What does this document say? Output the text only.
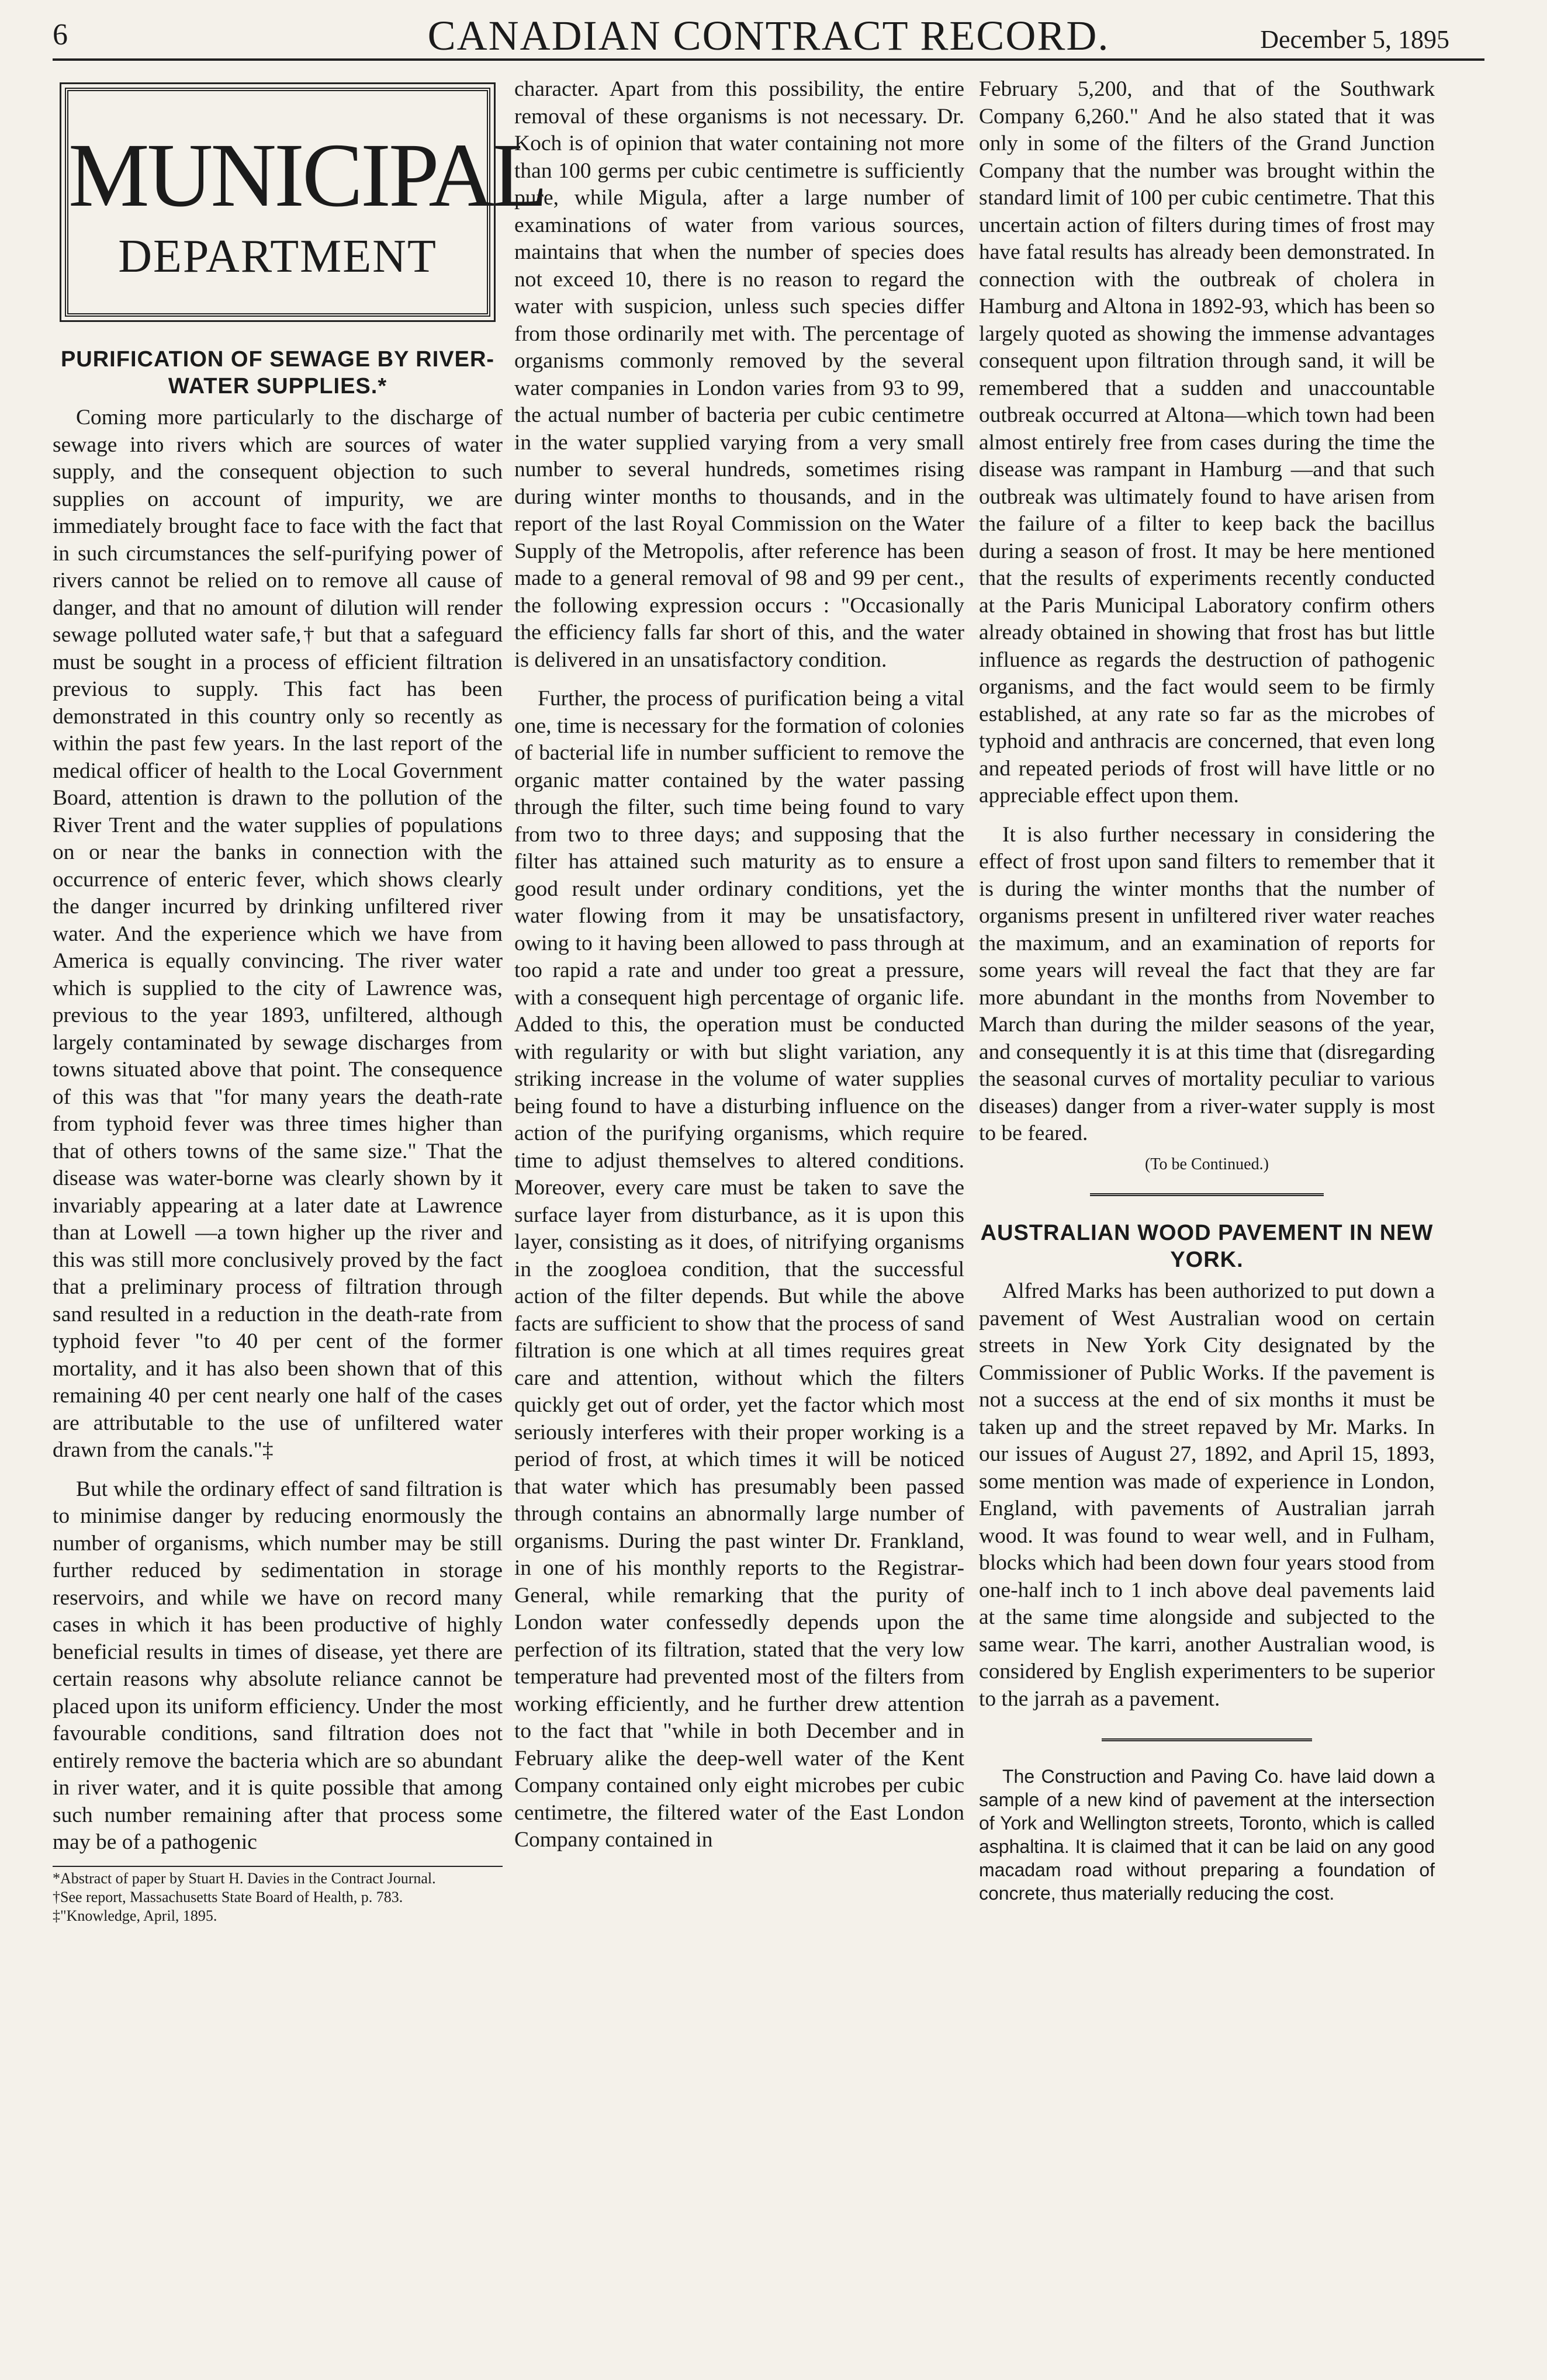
6	CANADIAN CONTRACT RECORD.	December 5, 1895
MUNICIPAL
DEPARTMENT
PURIFICATION OF SEWAGE BY RIVER-WATER SUPPLIES.*

Coming more particularly to the discharge of sewage into rivers which are sources of water supply, and the consequent objection to such supplies on account of impurity, we are immediately brought face to face with the fact that in such circumstances the self-purifying power of rivers cannot be relied on to remove all cause of danger, and that no amount of dilution will render sewage polluted water safe,† but that a safeguard must be sought in a process of efficient filtration previous to supply. This fact has been demonstrated in this country only so recently as within the past few years. In the last report of the medical officer of health to the Local Government Board, attention is drawn to the pollution of the River Trent and the water supplies of populations on or near the banks in connection with the occurrence of enteric fever, which shows clearly the danger incurred by drinking unfiltered river water. And the experience which we have from America is equally convincing. The river water which is supplied to the city of Lawrence was, previous to the year 1893, unfiltered, although largely contaminated by sewage discharges from towns situated above that point. The consequence of this was that "for many years the death-rate from typhoid fever was three times higher than that of others towns of the same size." That the disease was water-borne was clearly shown by it invariably appearing at a later date at Lawrence than at Lowell —a town higher up the river and this was still more conclusively proved by the fact that a preliminary process of filtration through sand resulted in a reduction in the death-rate from typhoid fever "to 40 per cent of the former mortality, and it has also been shown that of this remaining 40 per cent nearly one half of the cases are attributable to the use of unfiltered water drawn from the canals."‡

But while the ordinary effect of sand filtration is to minimise danger by reducing enormously the number of organisms, which number may be still further reduced by sedimentation in storage reservoirs, and while we have on record many cases in which it has been productive of highly beneficial results in times of disease, yet there are certain reasons why absolute reliance cannot be placed upon its uniform efficiency. Under the most favourable conditions, sand filtration does not entirely remove the bacteria which are so abundant in river water, and it is quite possible that among such number remaining after that process some may be of a pathogenic

*Abstract of paper by Stuart H. Davies in the Contract Journal.
†See report, Massachusetts State Board of Health, p. 783.
‡"Knowledge, April, 1895.

character. Apart from this possibility, the entire removal of these organisms is not necessary. Dr. Koch is of opinion that water containing not more than 100 germs per cubic centimetre is sufficiently pure, while Migula, after a large number of examinations of water from various sources, maintains that when the number of species does not exceed 10, there is no reason to regard the water with suspicion, unless such species differ from those ordinarily met with. The percentage of organisms commonly removed by the several water companies in London varies from 93 to 99, the actual number of bacteria per cubic centimetre in the water supplied varying from a very small number to several hundreds, sometimes rising during winter months to thousands, and in the report of the last Royal Commission on the Water Supply of the Metropolis, after reference has been made to a general removal of 98 and 99 per cent., the following expression occurs : "Occasionally the efficiency falls far short of this, and the water is delivered in an unsatisfactory condition.

Further, the process of purification being a vital one, time is necessary for the formation of colonies of bacterial life in number sufficient to remove the organic matter contained by the water passing through the filter, such time being found to vary from two to three days; and supposing that the filter has attained such maturity as to ensure a good result under ordinary conditions, yet the water flowing from it may be unsatisfactory, owing to it having been allowed to pass through at too rapid a rate and under too great a pressure, with a consequent high percentage of organic life. Added to this, the operation must be conducted with regularity or with but slight variation, any striking increase in the volume of water supplies being found to have a disturbing influence on the action of the purifying organisms, which require time to adjust themselves to altered conditions. Moreover, every care must be taken to save the surface layer from disturbance, as it is upon this layer, consisting as it does, of nitrifying organisms in the zoogloea condition, that the successful action of the filter depends. But while the above facts are sufficient to show that the process of sand filtration is one which at all times requires great care and attention, without which the filters quickly get out of order, yet the factor which most seriously interferes with their proper working is a period of frost, at which times it will be noticed that water which has presumably been passed through contains an abnormally large number of organisms. During the past winter Dr. Frankland, in one of his monthly reports to the Registrar-General, while remarking that the purity of London water confessedly depends upon the perfection of its filtration, stated that the very low temperature had prevented most of the filters from working efficiently, and he further drew attention to the fact that "while in both December and in February alike the deep-well water of the Kent Company contained only eight microbes per cubic centimetre, the filtered water of the East London Company contained in

February 5,200, and that of the Southwark Company 6,260." And he also stated that it was only in some of the filters of the Grand Junction Company that the number was brought within the standard limit of 100 per cubic centimetre. That this uncertain action of filters during times of frost may have fatal results has already been demonstrated. In connection with the outbreak of cholera in Hamburg and Altona in 1892-93, which has been so largely quoted as showing the immense advantages consequent upon filtration through sand, it will be remembered that a sudden and unaccountable outbreak occurred at Altona—which town had been almost entirely free from cases during the time the disease was rampant in Hamburg —and that such outbreak was ultimately found to have arisen from the failure of a filter to keep back the bacillus during a season of frost. It may be here mentioned that the results of experiments recently conducted at the Paris Municipal Laboratory confirm others already obtained in showing that frost has but little influence as regards the destruction of pathogenic organisms, and the fact would seem to be firmly established, at any rate so far as the microbes of typhoid and anthracis are concerned, that even long and repeated periods of frost will have little or no appreciable effect upon them.

It is also further necessary in considering the effect of frost upon sand filters to remember that it is during the winter months that the number of organisms present in unfiltered river water reaches the maximum, and an examination of reports for some years will reveal the fact that they are far more abundant in the months from November to March than during the milder seasons of the year, and consequently it is at this time that (disregarding the seasonal curves of mortality peculiar to various diseases) danger from a river-water supply is most to be feared.

(To be Continued.)
AUSTRALIAN WOOD PAVEMENT IN NEW YORK.

Alfred Marks has been authorized to put down a pavement of West Australian wood on certain streets in New York City designated by the Commissioner of Public Works. If the pavement is not a success at the end of six months it must be taken up and the street repaved by Mr. Marks. In our issues of August 27, 1892, and April 15, 1893, some mention was made of experience in London, England, with pavements of Australian jarrah wood. It was found to wear well, and in Fulham, blocks which had been down four years stood from one-half inch to 1 inch above deal pavements laid at the same time alongside and subjected to the same wear. The karri, another Australian wood, is considered by English experimenters to be superior to the jarrah as a pavement.

The Construction and Paving Co. have laid down a sample of a new kind of pavement at the intersection of York and Wellington streets, Toronto, which is called asphaltina. It is claimed that it can be laid on any good macadam road without preparing a foundation of concrete, thus materially reducing the cost.
